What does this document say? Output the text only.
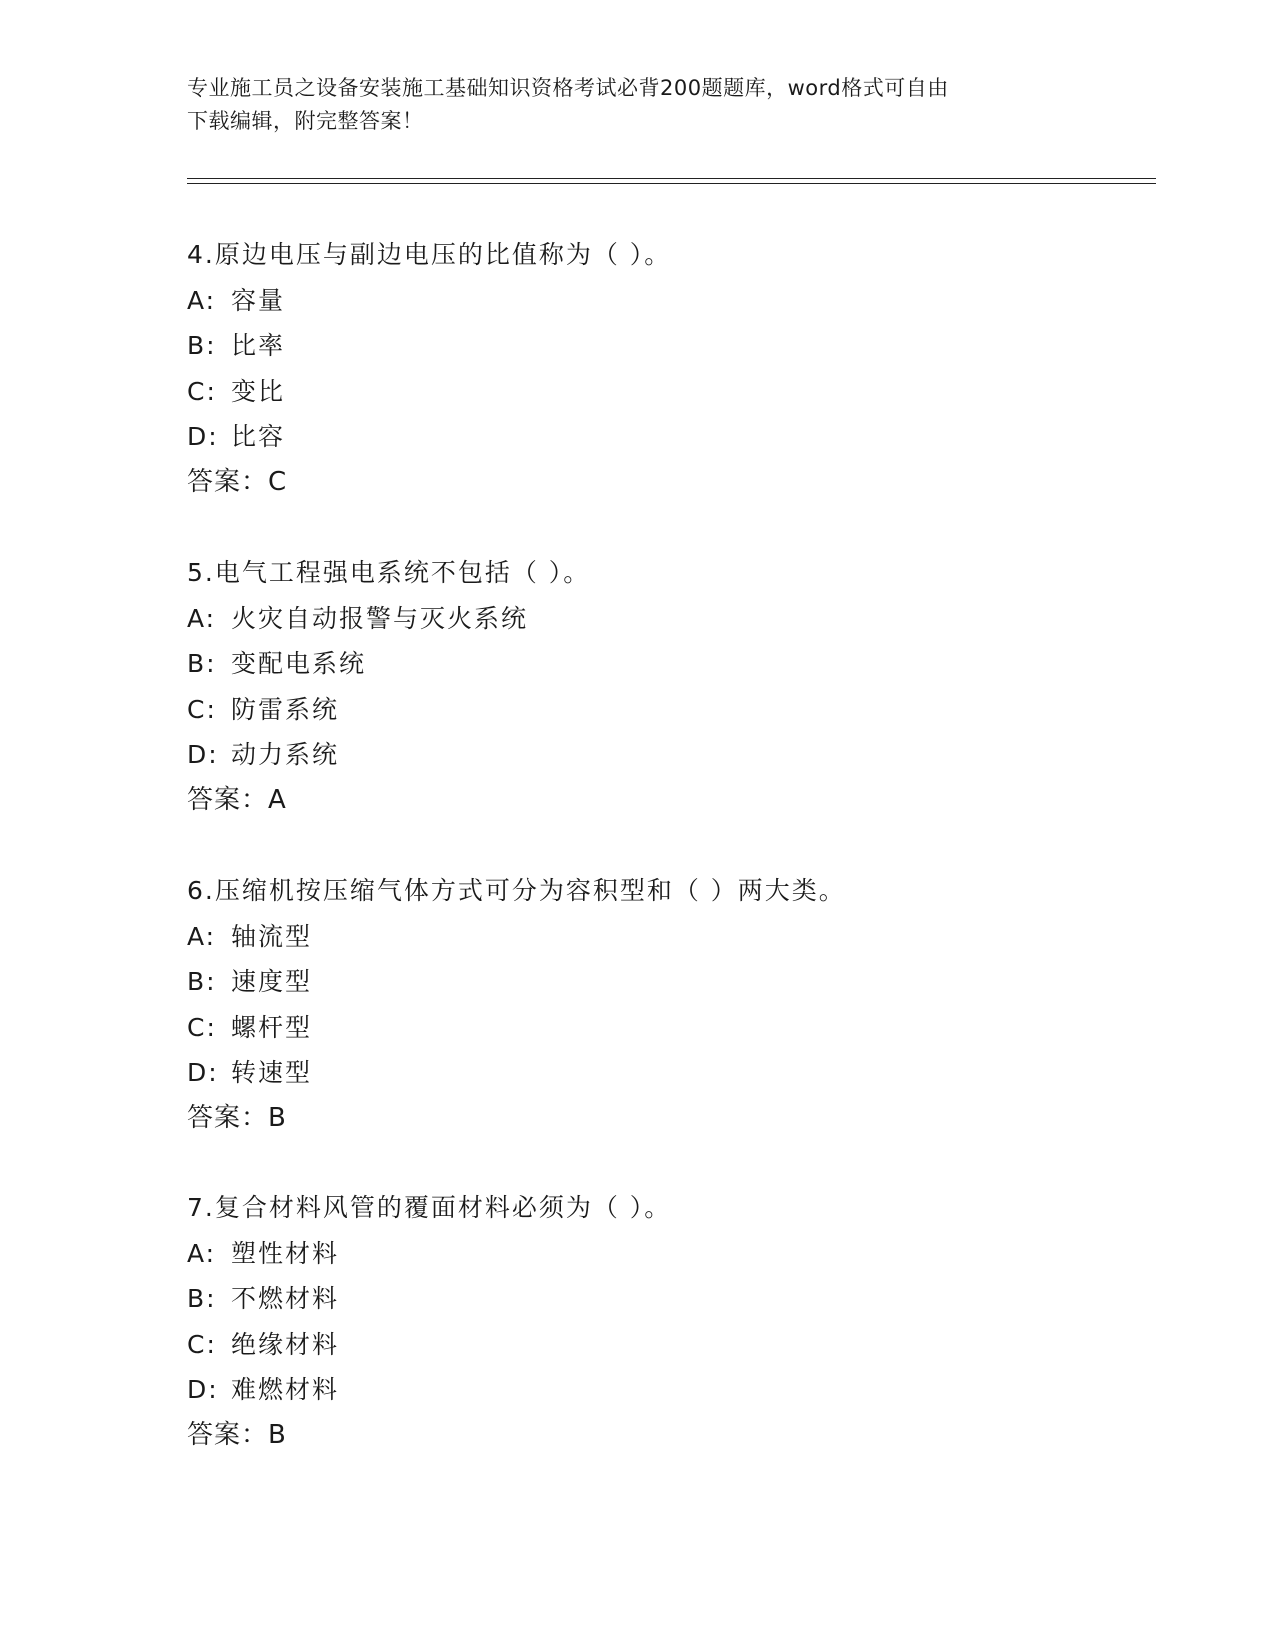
专业施工员之设备安装施工基础知识资格考试必背200题题库，word格式可自由
下载编辑，附完整答案！
4.原边电压与副边电压的比值称为（ ）。
A: 容量
B: 比率
C: 变比
D: 比容
答案：C
5.电气工程强电系统不包括（ ）。
A: 火灾自动报警与灭火系统
B: 变配电系统
C: 防雷系统
D: 动力系统
答案：A
6.压缩机按压缩气体方式可分为容积型和（ ）两大类。
A: 轴流型
B: 速度型
C: 螺杆型
D: 转速型
答案：B
7.复合材料风管的覆面材料必须为（ ）。
A: 塑性材料
B: 不燃材料
C: 绝缘材料
D: 难燃材料
答案：B
